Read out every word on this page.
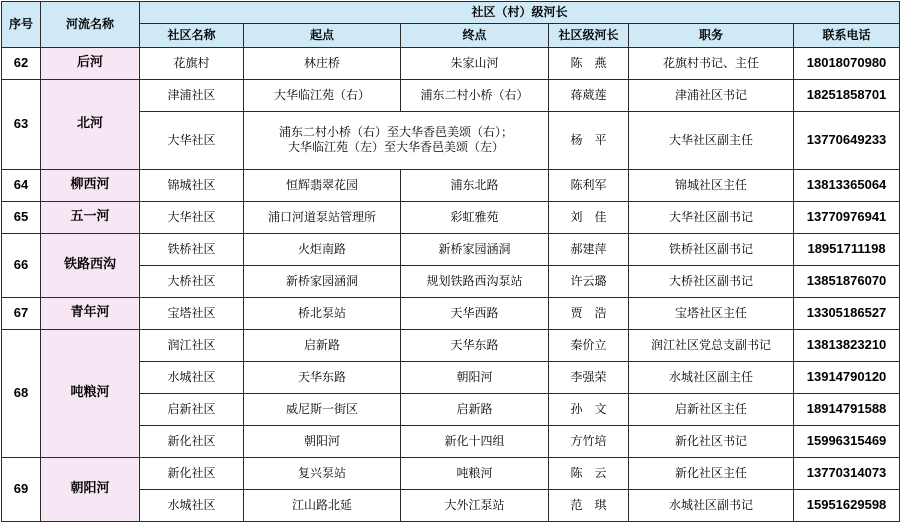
序号	河流名称	社区（村）级河长					
		社区名称	起点	终点	社区级河长	职务	联系电话
62	后河	花旗村	林庄桥	朱家山河	陈　燕	花旗村书记、主任	18018070980
63	北河	津浦社区	大华临江苑（右）	浦东二村小桥（右）	蒋葳莲	津浦社区书记	18251858701
		大华社区	浦东二村小桥（右）至大华香邑美颂（右）；
大华临江苑（左）至大华香邑美颂（左）		杨　平	大华社区副主任	13770649233
64	柳西河	锦城社区	恒辉翡翠花园	浦东北路	陈利军	锦城社区主任	13813365064
65	五一河	大华社区	浦口河道泵站管理所	彩虹雅苑	刘　佳	大华社区副书记	13770976941
66	铁路西沟	铁桥社区	火炬南路	新桥家园涵洞	郝建萍	铁桥社区副书记	18951711198
		大桥社区	新桥家园涵洞	规划铁路西沟泵站	许云璐	大桥社区副书记	13851876070
67	青年河	宝塔社区	桥北泵站	天华西路	贾　浩	宝塔社区主任	13305186527
68	吨粮河	润江社区	启新路	天华东路	秦价立	润江社区党总支副书记	13813823210
		水城社区	天华东路	朝阳河	李强荣	水城社区副主任	13914790120
		启新社区	威尼斯一街区	启新路	孙　文	启新社区主任	18914791588
		新化社区	朝阳河	新化十四组	方竹培	新化社区书记	15996315469
69	朝阳河	新化社区	复兴泵站	吨粮河	陈　云	新化社区主任	13770314073
		水城社区	江山路北延	大外江泵站	范　琪	水城社区副书记	15951629598
